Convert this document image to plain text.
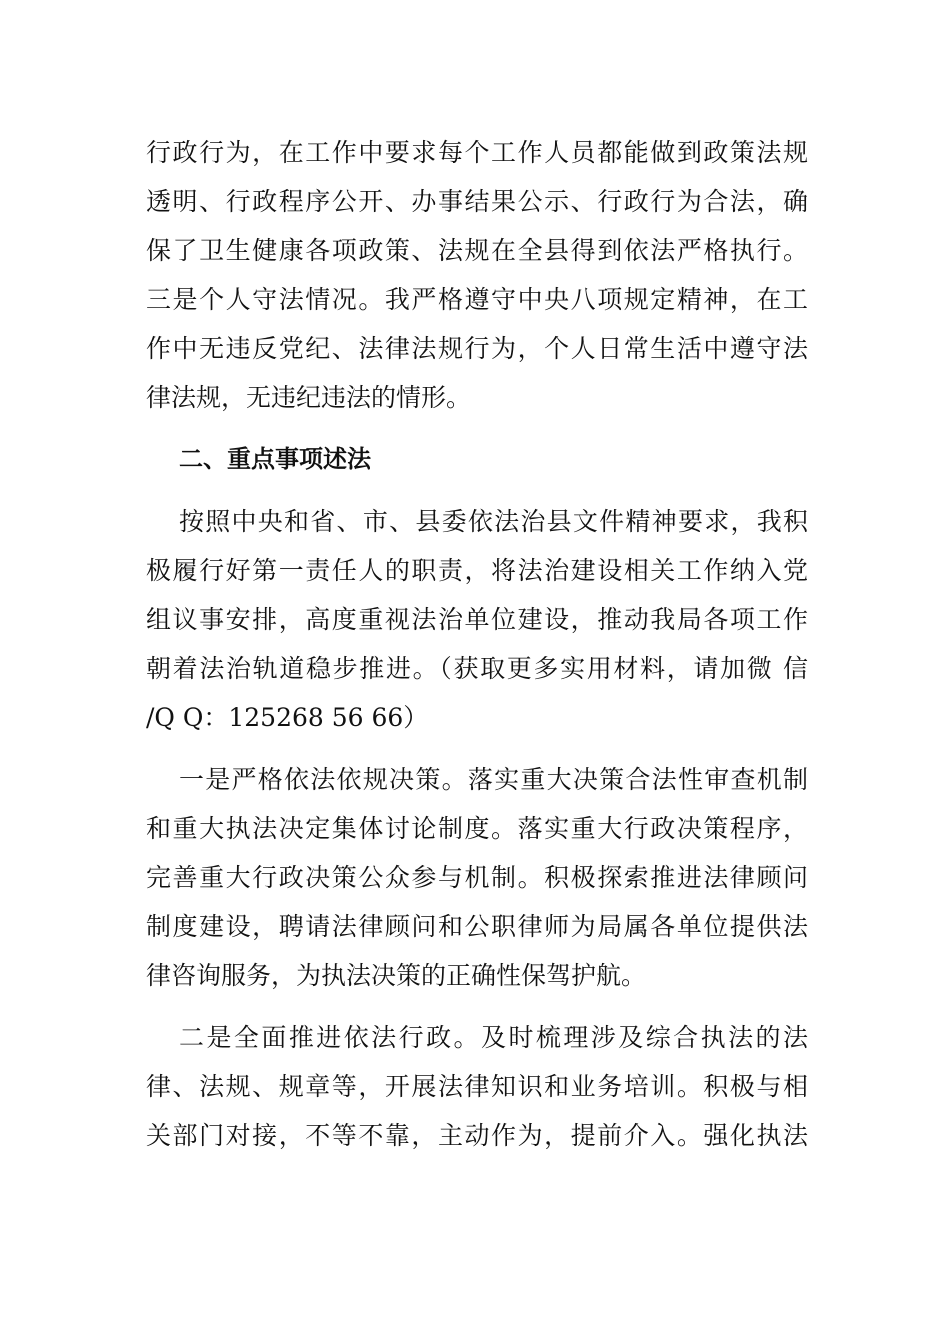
行政行为，在工作中要求每个工作人员都能做到政策法规
透明、行政程序公开、办事结果公示、行政行为合法，确
保了卫生健康各项政策、法规在全县得到依法严格执行。
三是个人守法情况。我严格遵守中央八项规定精神，在工
作中无违反党纪、法律法规行为，个人日常生活中遵守法
律法规，无违纪违法的情形。
二、重点事项述法
按照中央和省、市、县委依法治县文件精神要求，我积
极履行好第一责任人的职责，将法治建设相关工作纳入党
组议事安排，高度重视法治单位建设，推动我局各项工作
朝着法治轨道稳步推进。（获取更多实用材料，请加微 信
/Q Q：125268 56 66）
一是严格依法依规决策。落实重大决策合法性审查机制
和重大执法决定集体讨论制度。落实重大行政决策程序，
完善重大行政决策公众参与机制。积极探索推进法律顾问
制度建设，聘请法律顾问和公职律师为局属各单位提供法
律咨询服务，为执法决策的正确性保驾护航。
二是全面推进依法行政。及时梳理涉及综合执法的法
律、法规、规章等，开展法律知识和业务培训。积极与相
关部门对接，不等不靠，主动作为，提前介入。强化执法
